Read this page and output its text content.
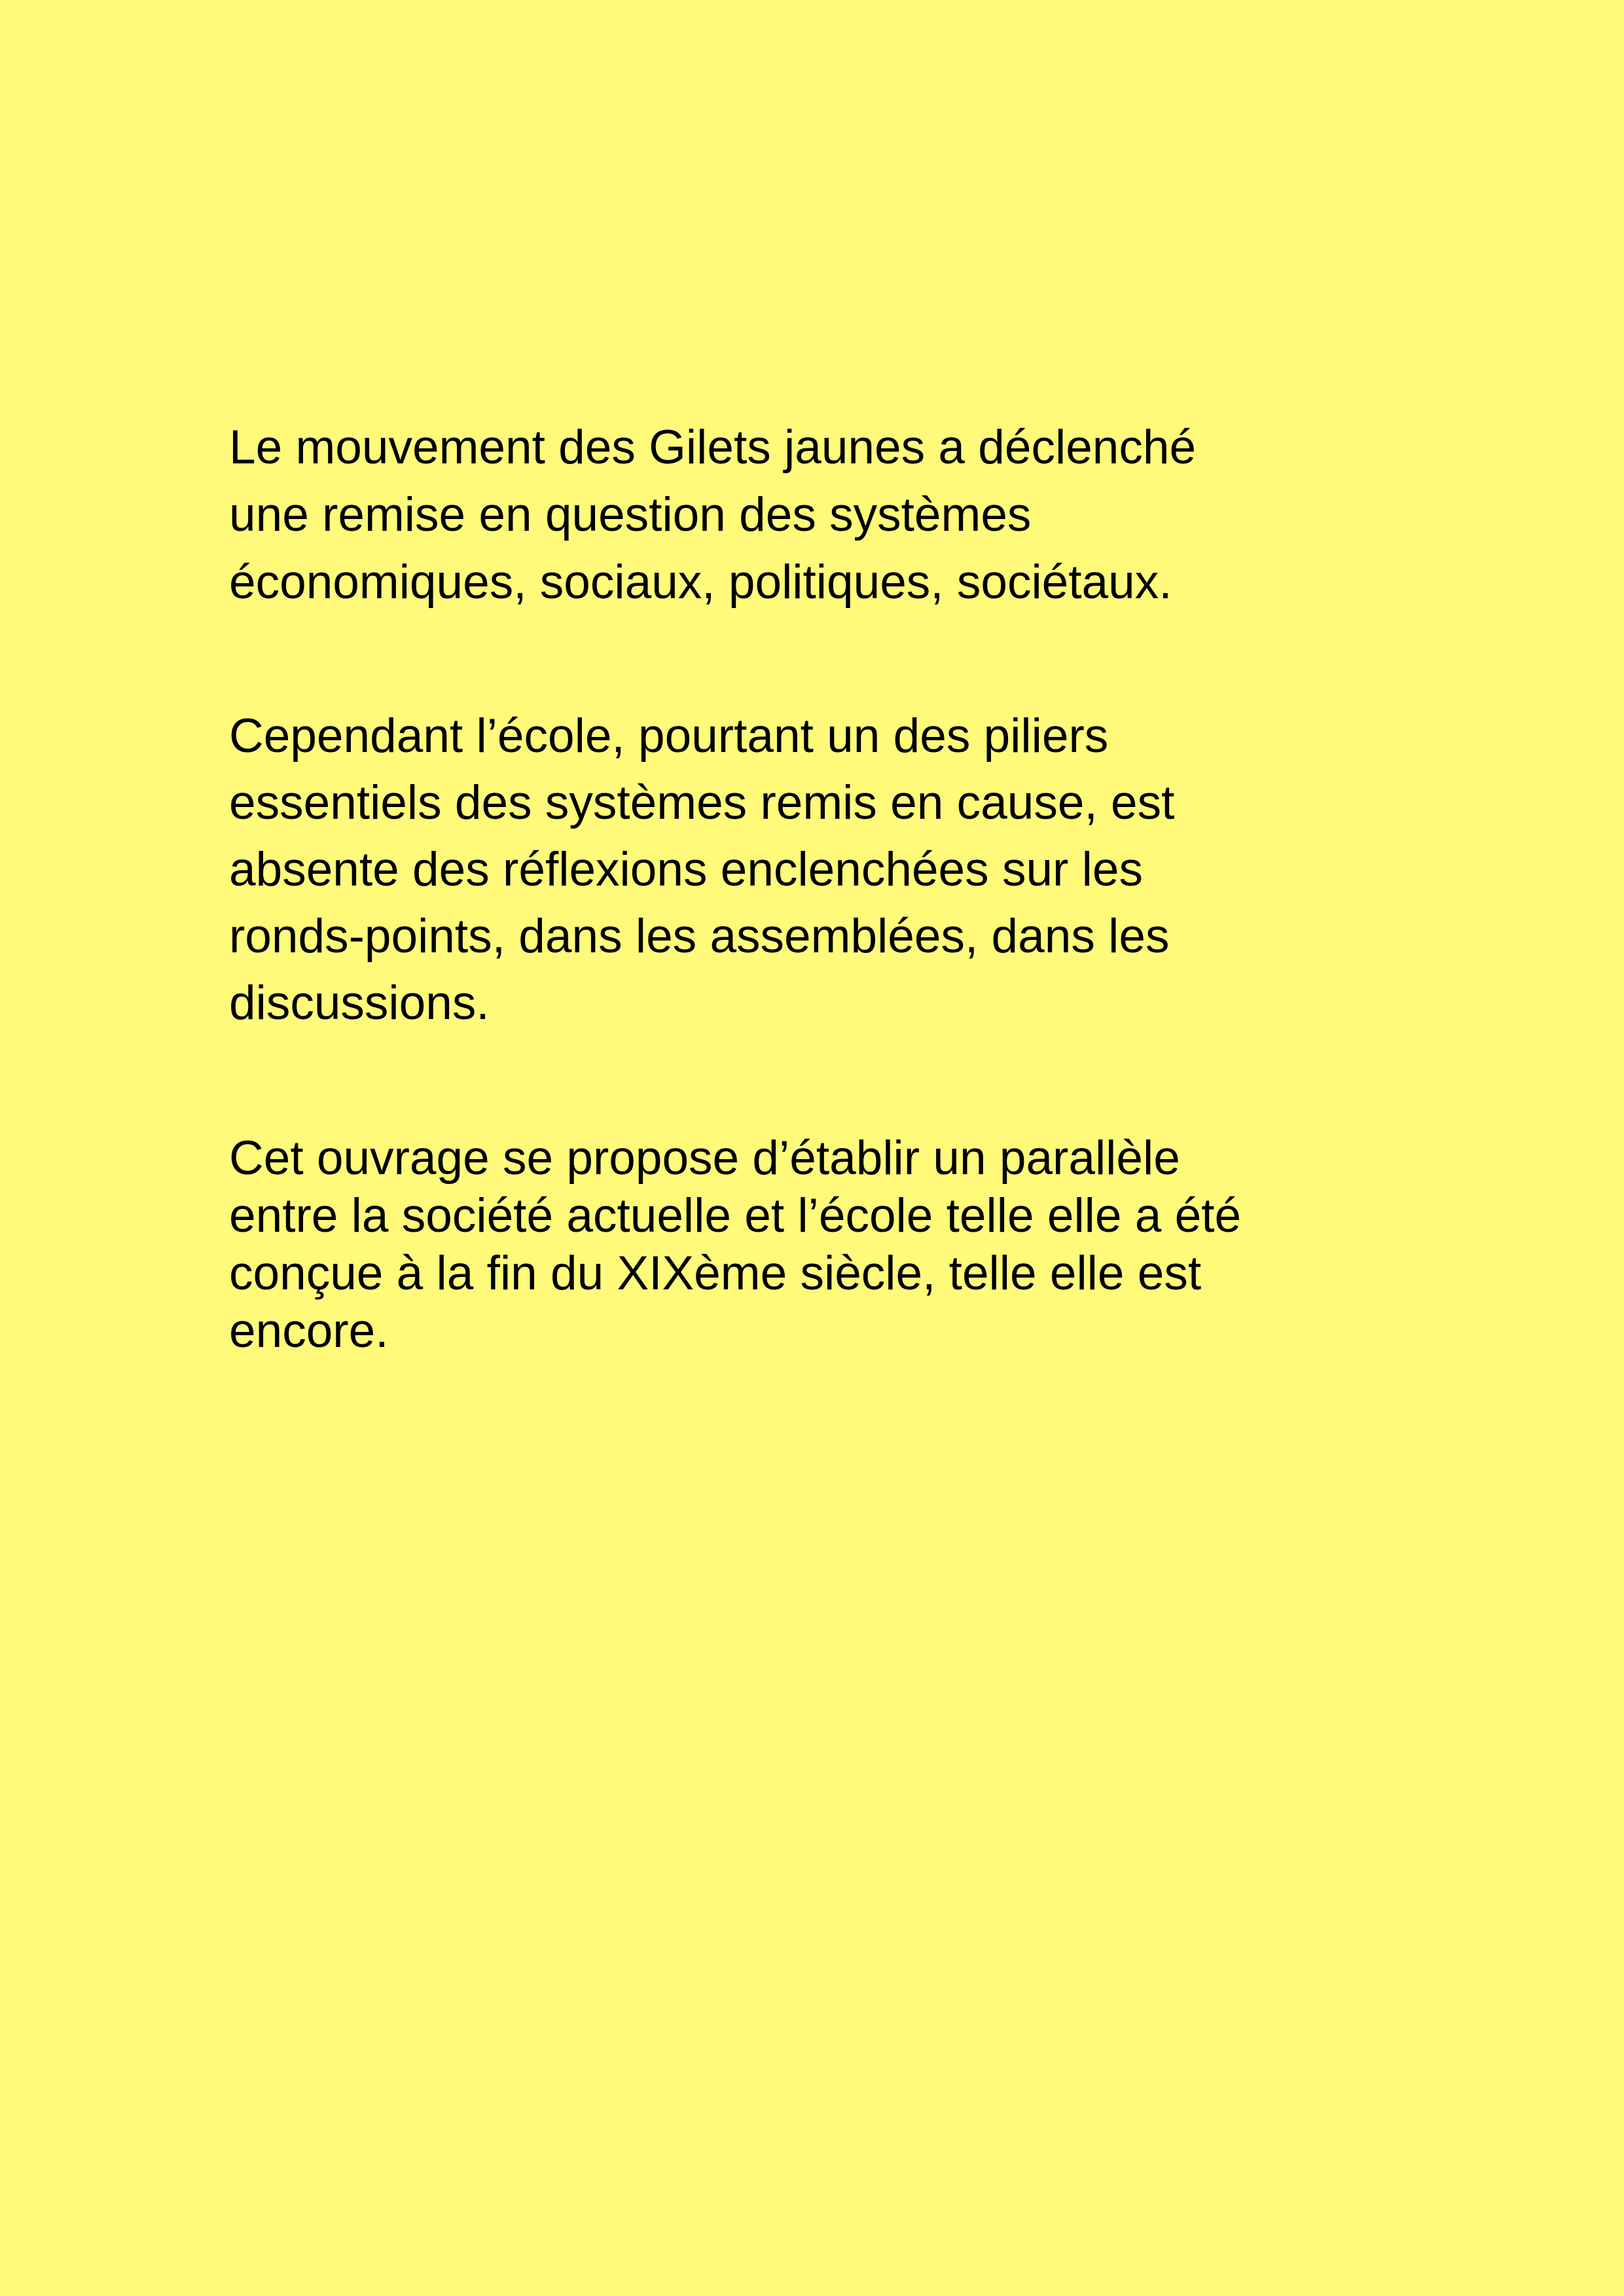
Le mouvement des Gilets jaunes a déclenché
une remise en question des systèmes
économiques, sociaux, politiques, sociétaux.

Cependant l’école, pourtant un des piliers
essentiels des systèmes remis en cause, est
absente des réflexions enclenchées sur les
ronds-points, dans les assemblées, dans les
discussions.

Cet ouvrage se propose d’établir un parallèle
entre la société actuelle et l’école telle elle a été
conçue à la fin du XIXème siècle, telle elle est
encore.
